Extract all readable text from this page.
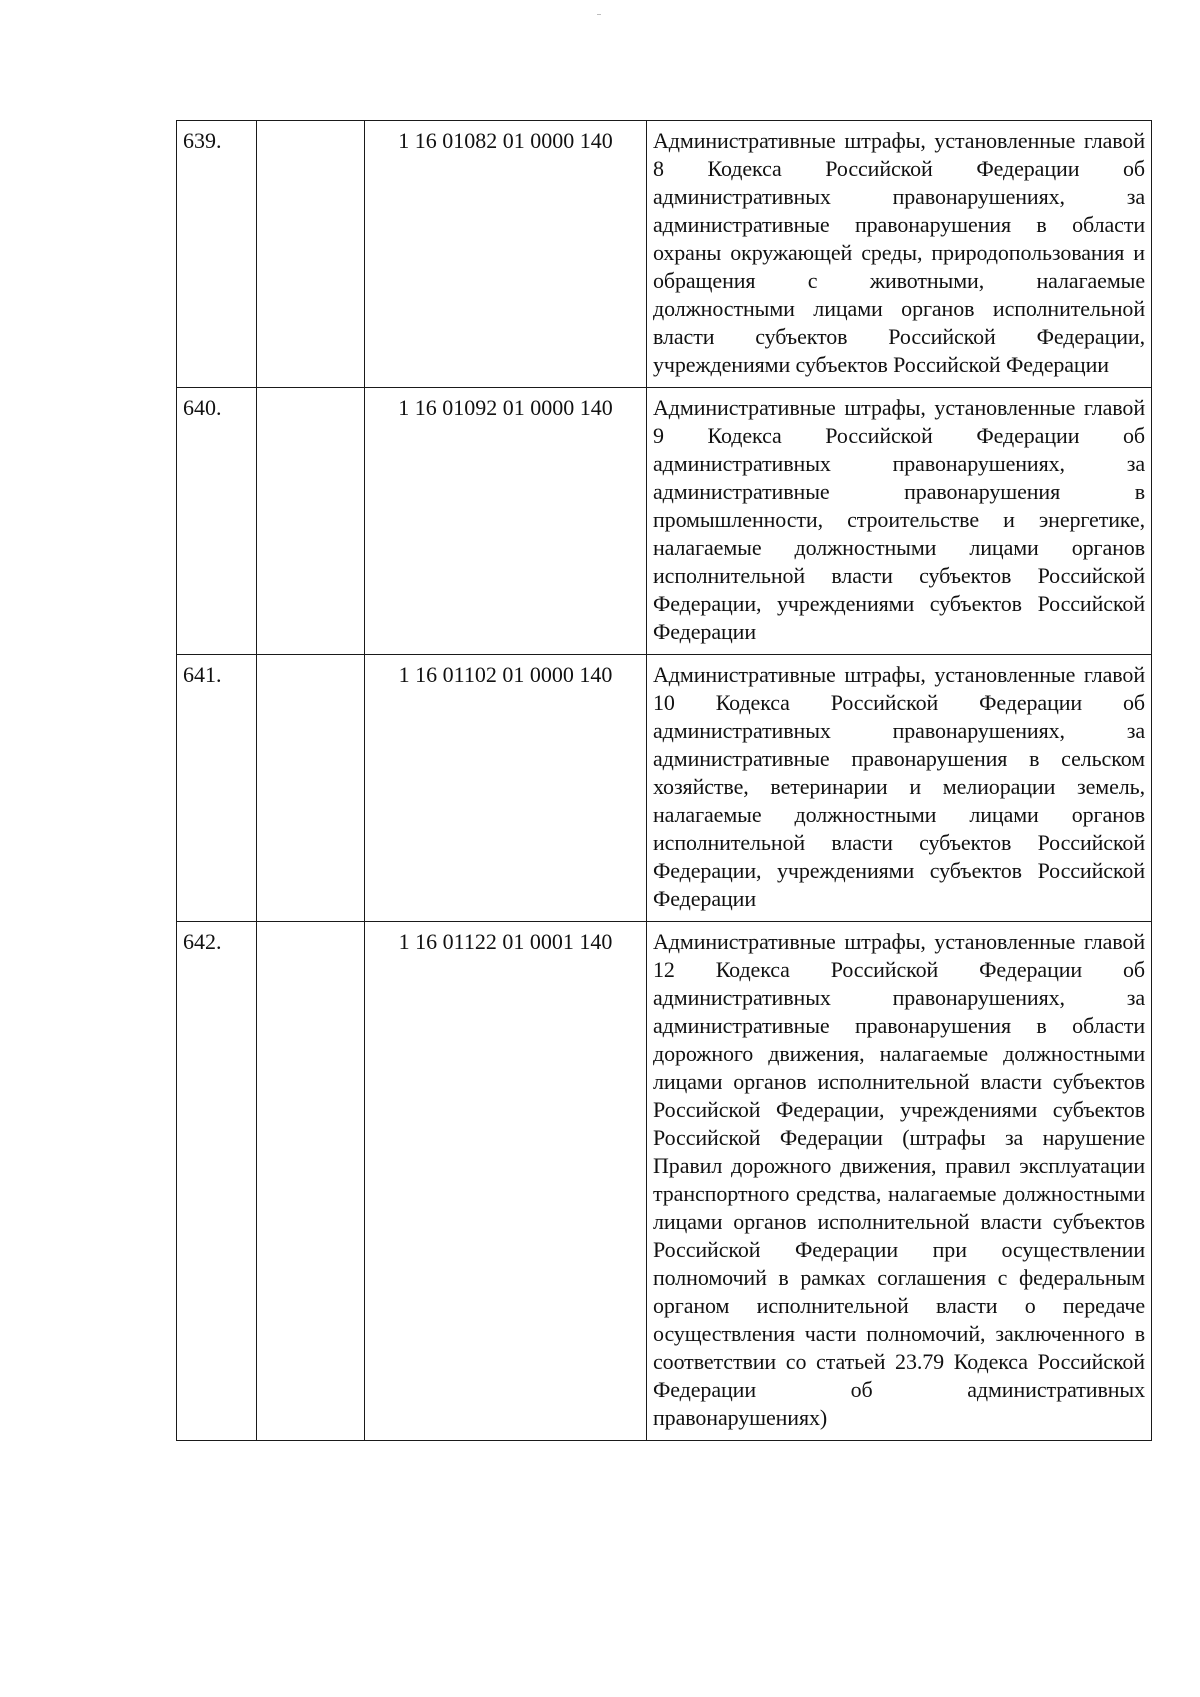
639.		1 16 01082 01 0000 140	Административные штрафы, установленные главой 8 Кодекса Российской Федерации об административных правонарушениях, за административные правонарушения в области охраны окружающей среды, природопользования и обращения с животными, налагаемые должностными лицами органов исполнительной власти субъектов Российской Федерации, учреждениями субъектов Российской Федерации
640.		1 16 01092 01 0000 140	Административные штрафы, установленные главой 9 Кодекса Российской Федерации об административных правонарушениях, за административные правонарушения в промышленности, строительстве и энергетике, налагаемые должностными лицами органов исполнительной власти субъектов Российской Федерации, учреждениями субъектов Российской Федерации
641.		1 16 01102 01 0000 140	Административные штрафы, установленные главой 10 Кодекса Российской Федерации об административных правонарушениях, за административные правонарушения в сельском хозяйстве, ветеринарии и мелиорации земель, налагаемые должностными лицами органов исполнительной власти субъектов Российской Федерации, учреждениями субъектов Российской Федерации
642.		1 16 01122 01 0001 140	Административные штрафы, установленные главой 12 Кодекса Российской Федерации об административных правонарушениях, за административные правонарушения в области дорожного движения, налагаемые должностными лицами органов исполнительной власти субъектов Российской Федерации, учреждениями субъектов Российской Федерации (штрафы за нарушение Правил дорожного движения, правил эксплуатации транспортного средства, налагаемые должностными лицами органов исполнительной власти субъектов Российской Федерации при осуществлении полномочий в рамках соглашения с федеральным органом исполнительной власти о передаче осуществления части полномочий, заключенного в соответствии со статьей 23.79 Кодекса Российской Федерации об административных правонарушениях)
